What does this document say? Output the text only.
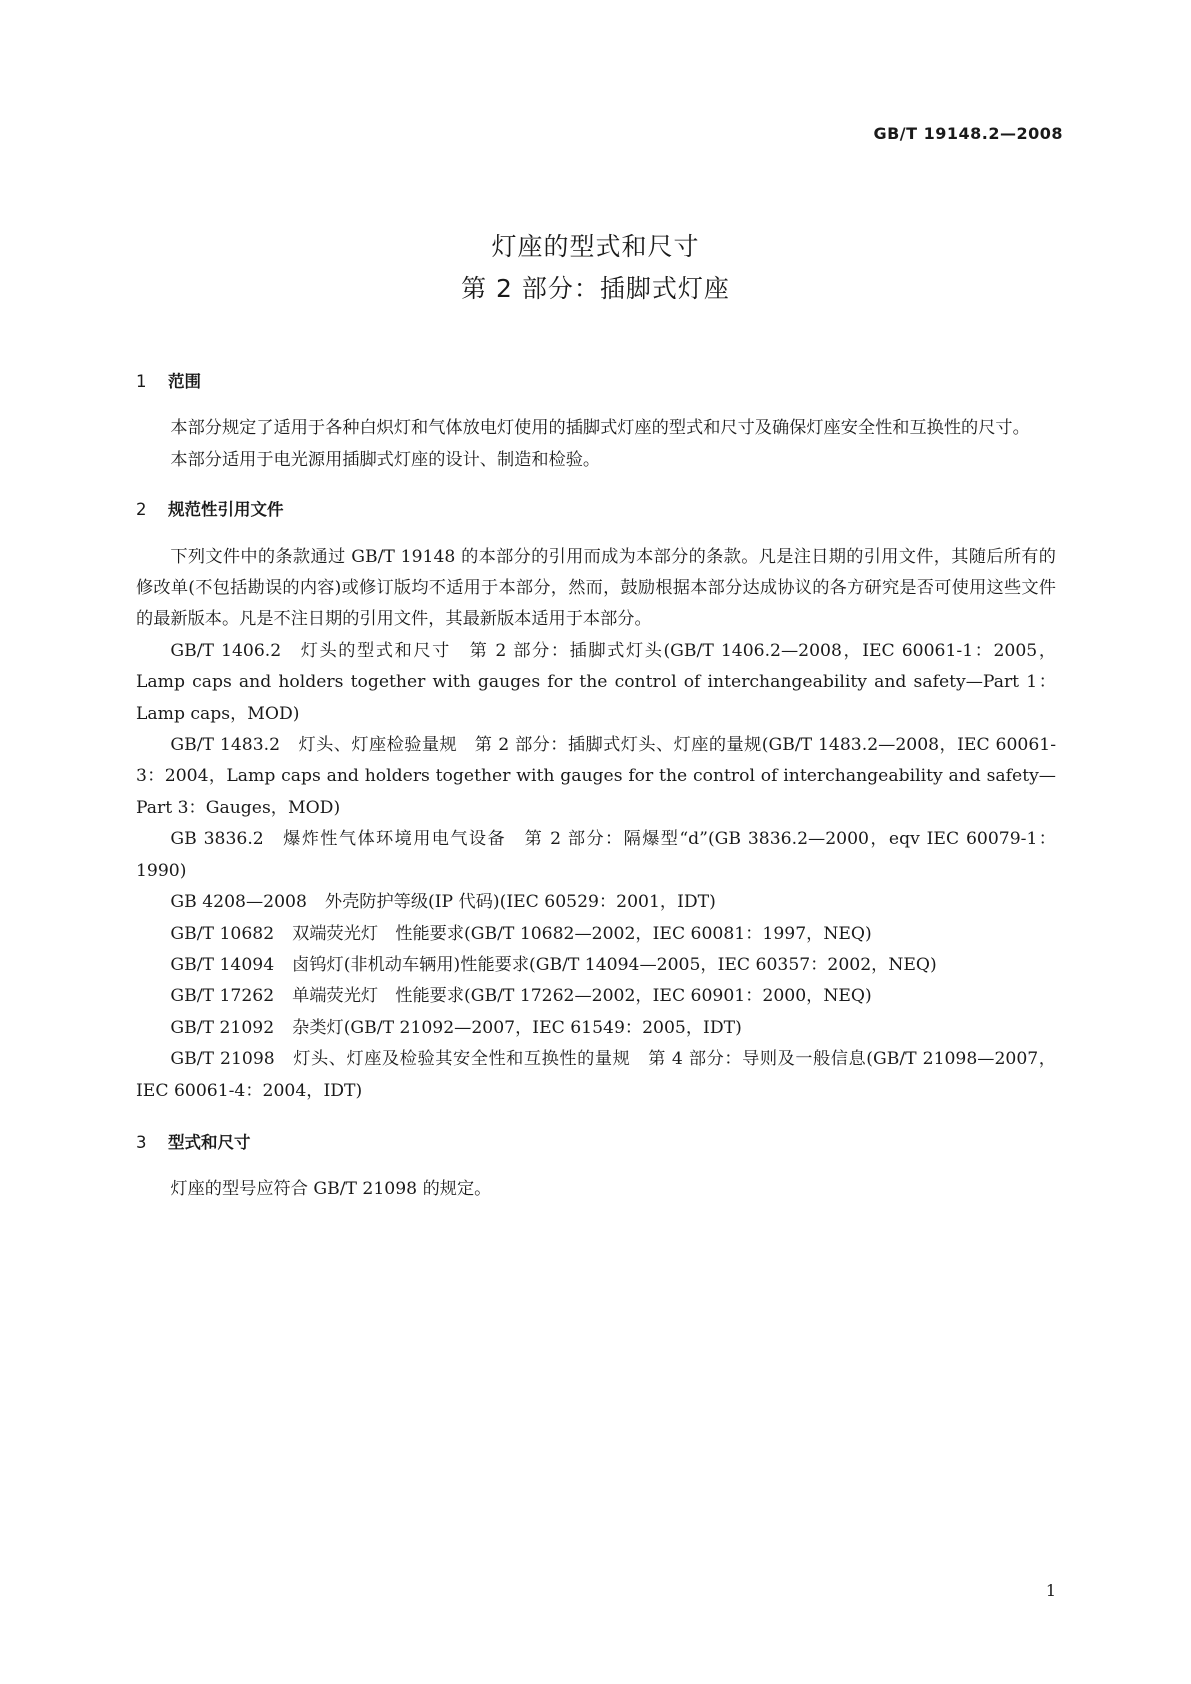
GB/T 19148.2—2008
灯座的型式和尺寸
第 2 部分：插脚式灯座
1 范围

本部分规定了适用于各种白炽灯和气体放电灯使用的插脚式灯座的型式和尺寸及确保灯座安全性和互换性的尺寸。

本部分适用于电光源用插脚式灯座的设计、制造和检验。

2 规范性引用文件

下列文件中的条款通过 GB/T 19148 的本部分的引用而成为本部分的条款。凡是注日期的引用文件，其随后所有的修改单(不包括勘误的内容)或修订版均不适用于本部分，然而，鼓励根据本部分达成协议的各方研究是否可使用这些文件的最新版本。凡是不注日期的引用文件，其最新版本适用于本部分。

GB/T 1406.2 灯头的型式和尺寸　第 2 部分：插脚式灯头(GB/T 1406.2—2008，IEC 60061-1：2005，Lamp caps and holders together with gauges for the control of interchangeability and safety—Part 1：Lamp caps，MOD)
GB/T 1483.2 灯头、灯座检验量规　第 2 部分：插脚式灯头、灯座的量规(GB/T 1483.2—2008，IEC 60061-3：2004，Lamp caps and holders together with gauges for the control of interchangeability and safety—Part 3：Gauges，MOD)
GB 3836.2 爆炸性气体环境用电气设备　第 2 部分：隔爆型“d”(GB 3836.2—2000，eqv IEC 60079-1：1990)
GB 4208—2008 外壳防护等级(IP 代码)(IEC 60529：2001，IDT)
GB/T 10682 双端荧光灯　性能要求(GB/T 10682—2002，IEC 60081：1997，NEQ)
GB/T 14094 卤钨灯(非机动车辆用)性能要求(GB/T 14094—2005，IEC 60357：2002，NEQ)
GB/T 17262 单端荧光灯　性能要求(GB/T 17262—2002，IEC 60901：2000，NEQ)
GB/T 21092 杂类灯(GB/T 21092—2007，IEC 61549：2005，IDT)
GB/T 21098 灯头、灯座及检验其安全性和互换性的量规　第 4 部分：导则及一般信息(GB/T 21098—2007，IEC 60061-4：2004，IDT)
3 型式和尺寸

灯座的型号应符合 GB/T 21098 的规定。

1
